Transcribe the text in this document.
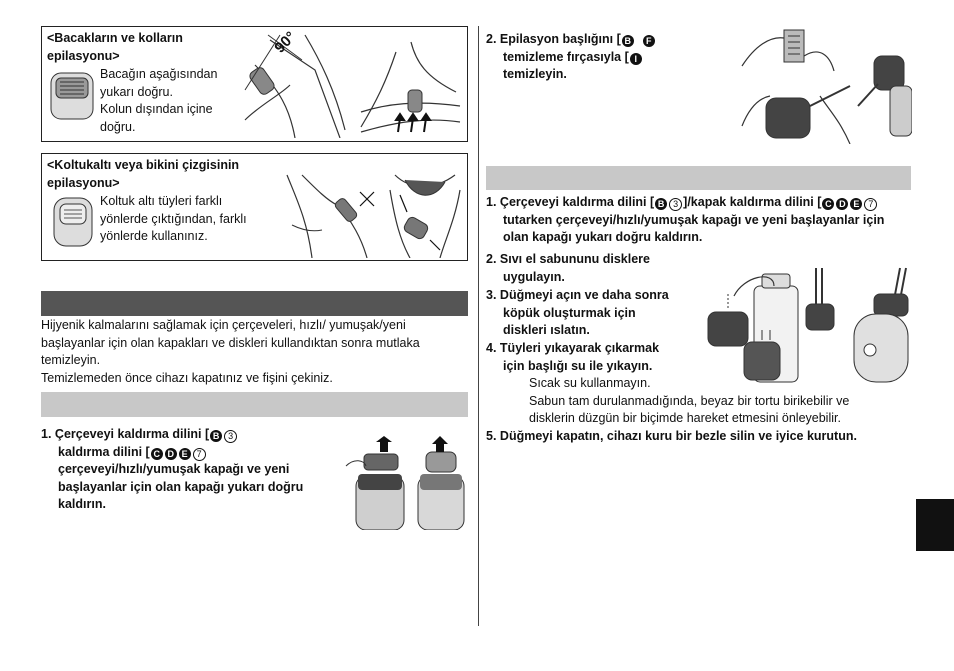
<Bacakların ve kolların
epilasyonu>
Bacağın aşağısından
yukarı doğru.
Kolun dışından içine
doğru.
90°
<Koltukaltı veya bikini çizgisinin
epilasyonu>
Koltuk altı tüyleri farklı
yönlerde çıktığından, farklı
yönlerde kullanınız.
Hijyenik kalmalarını sağlamak için çerçeveleri, hızlı/ yumuşak/yeni
başlayanlar için olan kapakları ve diskleri kullandıktan sonra mutlaka
temizleyin.
Temizlemeden önce cihazı kapatınız ve fişini çekiniz.
1. Çerçeveyi kaldırma dilini [ B 3
kaldırma dilini [ C D E 7
çerçeveyi/hızlı/yumuşak kapağı ve yeni
başlayanlar için olan kapağı yukarı doğru
kaldırın.
2. Epilasyon başlığını [ B F
temizleme fırçasıyla [ I
temizleyin.
1. Çerçeveyi kaldırma dilini [ B 3 ]/kapak kaldırma dilini [ C D E 7
tutarken çerçeveyi/hızlı/yumuşak kapağı ve yeni başlayanlar için
olan kapağı yukarı doğru kaldırın.
2. Sıvı el sabununu disklere
uygulayın.
3. Düğmeyi açın ve daha sonra
köpük oluşturmak için
diskleri ıslatın.
4. Tüyleri yıkayarak çıkarmak
için başlığı su ile yıkayın.
Sıcak su kullanmayın.
Sabun tam durulanmadığında, beyaz bir tortu birikebilir ve
disklerin düzgün bir biçimde hareket etmesini önleyebilir.
5. Düğmeyi kapatın, cihazı kuru bir bezle silin ve iyice kurutun.
